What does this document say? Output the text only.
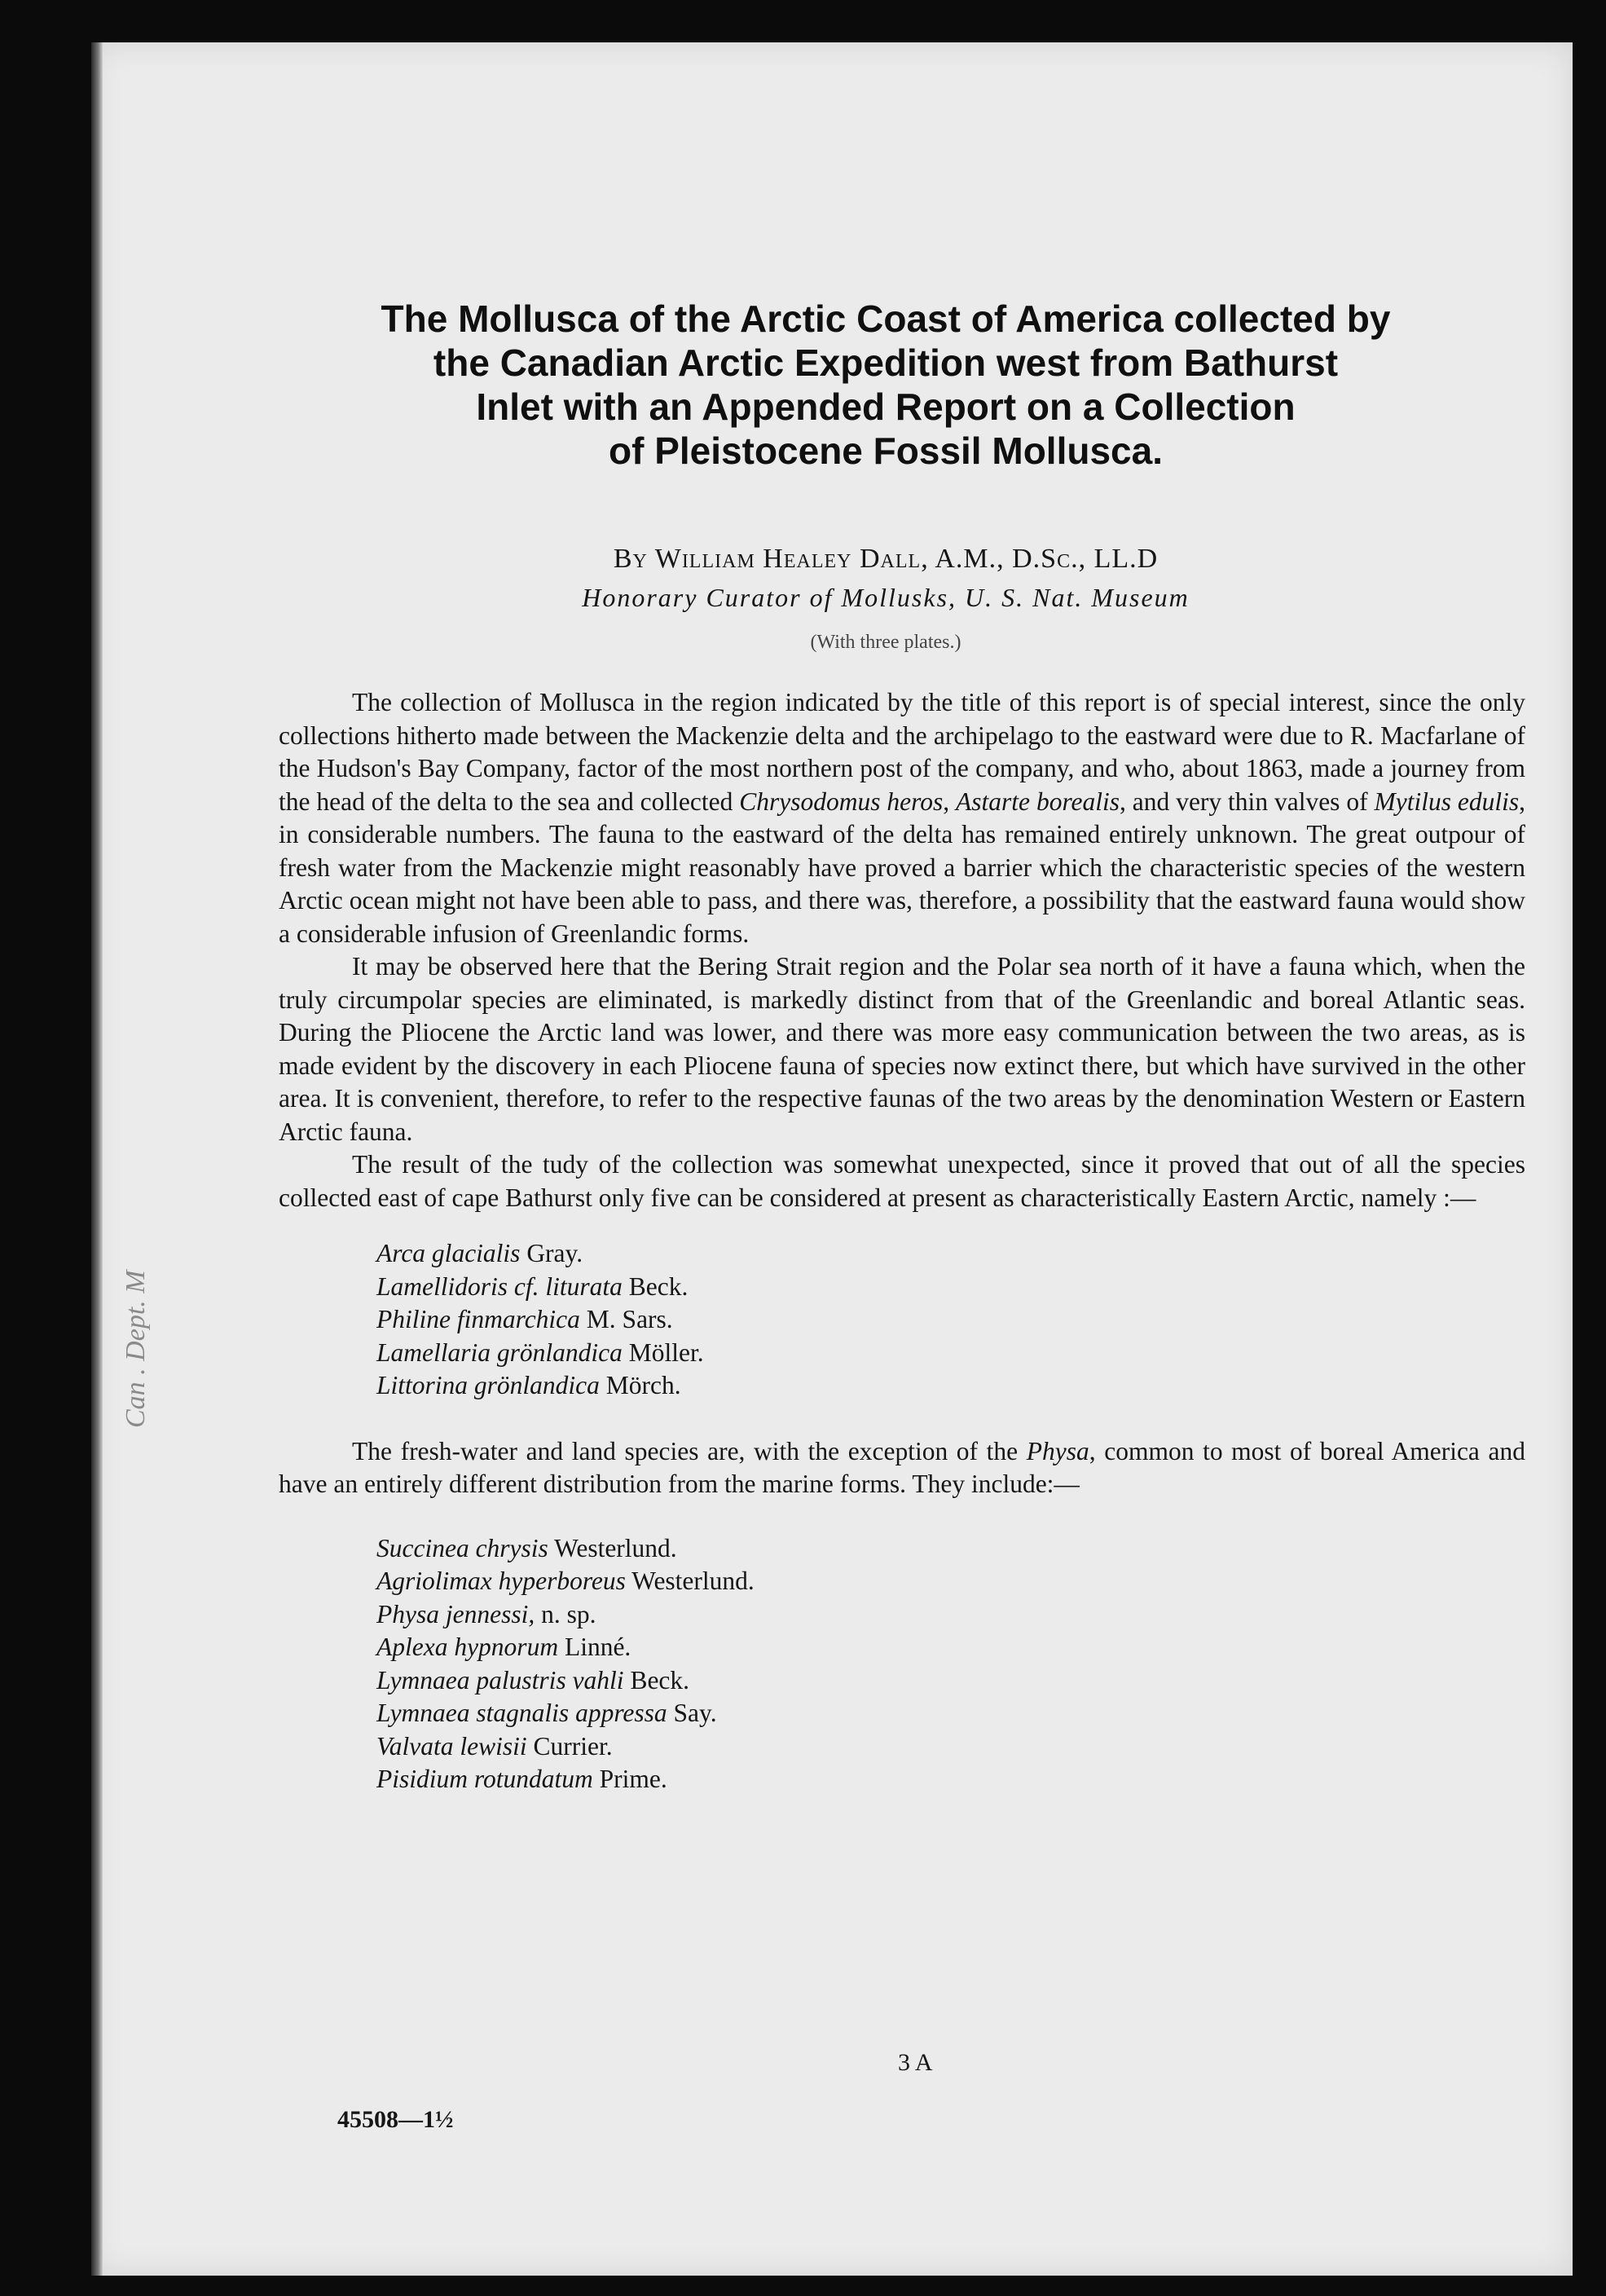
Can . Dept. M
The Mollusca of the Arctic Coast of America collected by
the Canadian Arctic Expedition west from Bathurst
Inlet with an Appended Report on a Collection
of Pleistocene Fossil Mollusca.
By William Healey Dall, A.M., D.Sc., LL.D
Honorary Curator of Mollusks, U. S. Nat. Museum
(With three plates.)

The collection of Mollusca in the region indicated by the title of this report is of special interest, since the only collections hitherto made between the Mackenzie delta and the archipelago to the eastward were due to R. Macfarlane of the Hudson's Bay Company, factor of the most northern post of the company, and who, about 1863, made a journey from the head of the delta to the sea and collected Chrysodomus heros, Astarte borealis, and very thin valves of Mytilus edulis, in considerable numbers. The fauna to the eastward of the delta has remained entirely unknown. The great outpour of fresh water from the Mackenzie might reasonably have proved a barrier which the characteristic species of the western Arctic ocean might not have been able to pass, and there was, therefore, a possibility that the eastward fauna would show a considerable infusion of Greenlandic forms.

It may be observed here that the Bering Strait region and the Polar sea north of it have a fauna which, when the truly circumpolar species are eliminated, is markedly distinct from that of the Greenlandic and boreal Atlantic seas. During the Pliocene the Arctic land was lower, and there was more easy communication between the two areas, as is made evident by the discovery in each Pliocene fauna of species now extinct there, but which have survived in the other area. It is convenient, therefore, to refer to the respective faunas of the two areas by the denomination Western or Eastern Arctic fauna.

The result of the tudy of the collection was somewhat unexpected, since it proved that out of all the species collected east of cape Bathurst only five can be considered at present as characteristically Eastern Arctic, namely :—

Arca glacialis Gray.
Lamellidoris cf. liturata Beck.
Philine finmarchica M. Sars.
Lamellaria grönlandica Möller.
Littorina grönlandica Mörch.

The fresh-water and land species are, with the exception of the Physa, common to most of boreal America and have an entirely different distribution from the marine forms. They include:—

Succinea chrysis Westerlund.
Agriolimax hyperboreus Westerlund.
Physa jennessi, n. sp.
Aplexa hypnorum Linné.
Lymnaea palustris vahli Beck.
Lymnaea stagnalis appressa Say.
Valvata lewisii Currier.
Pisidium rotundatum Prime.
3 A
45508—1½
